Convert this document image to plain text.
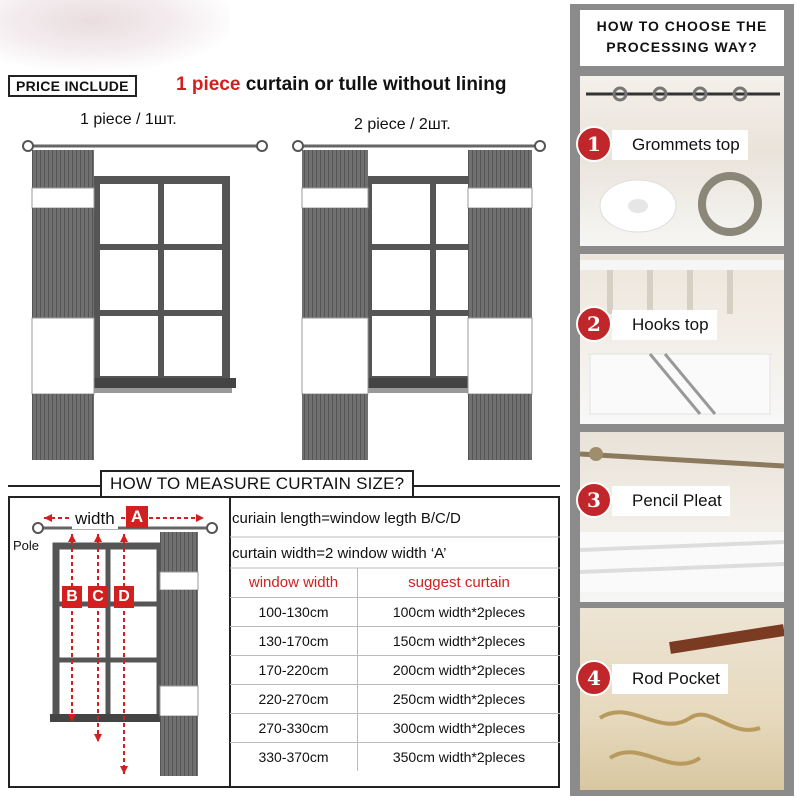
PRICE INCLUDE	1 piece curtain or tulle without lining
1 piece / 1шт.	2 piece / 2шт.
HOW TO MEASURE CURTAIN SIZE?
width A
Pole
B C D
curiain length=window legth B/C/D
curtain width=2 window width ‘A’
window width	suggest curtain
100-130cm	100cm width*2pleces
130-170cm	150cm width*2pleces
170-220cm	200cm width*2pleces
220-270cm	250cm width*2pleces
270-330cm	300cm width*2pleces
330-370cm	350cm width*2pleces
HOW TO CHOOSE THE PROCESSING WAY?
1	Grommets top
2	Hooks top
3	Pencil Pleat
4	Rod Pocket
